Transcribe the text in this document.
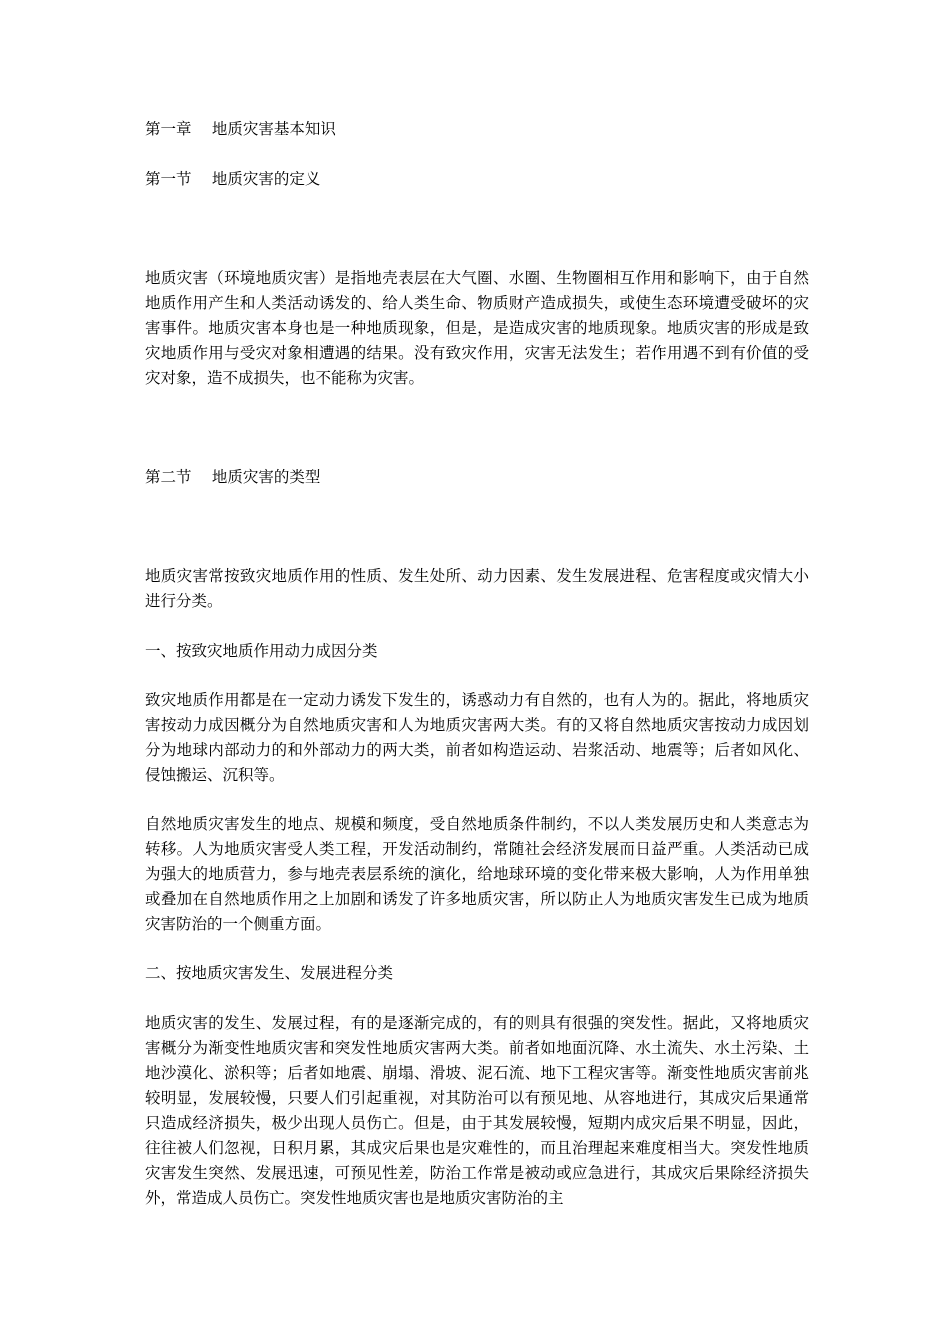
第一章　 地质灾害基本知识

第一节　 地质灾害的定义

地质灾害（环境地质灾害）是指地壳表层在大气圈、水圈、生物圈相互作用和影响下，由于自然地质作用产生和人类活动诱发的、给人类生命、物质财产造成损失，或使生态环境遭受破坏的灾害事件。地质灾害本身也是一种地质现象，但是，是造成灾害的地质现象。地质灾害的形成是致灾地质作用与受灾对象相遭遇的结果。没有致灾作用，灾害无法发生；若作用遇不到有价值的受灾对象，造不成损失，也不能称为灾害。

第二节　 地质灾害的类型

地质灾害常按致灾地质作用的性质、发生处所、动力因素、发生发展进程、危害程度或灾情大小进行分类。

一、按致灾地质作用动力成因分类

致灾地质作用都是在一定动力诱发下发生的，诱惑动力有自然的，也有人为的。据此，将地质灾害按动力成因概分为自然地质灾害和人为地质灾害两大类。有的又将自然地质灾害按动力成因划分为地球内部动力的和外部动力的两大类，前者如构造运动、岩浆活动、地震等；后者如风化、侵蚀搬运、沉积等。

自然地质灾害发生的地点、规模和频度，受自然地质条件制约，不以人类发展历史和人类意志为转移。人为地质灾害受人类工程，开发活动制约，常随社会经济发展而日益严重。人类活动已成为强大的地质营力，参与地壳表层系统的演化，给地球环境的变化带来极大影响，人为作用单独或叠加在自然地质作用之上加剧和诱发了许多地质灾害，所以防止人为地质灾害发生已成为地质灾害防治的一个侧重方面。

二、按地质灾害发生、发展进程分类

地质灾害的发生、发展过程，有的是逐渐完成的，有的则具有很强的突发性。据此，又将地质灾害概分为渐变性地质灾害和突发性地质灾害两大类。前者如地面沉降、水土流失、水土污染、土地沙漠化、淤积等；后者如地震、崩塌、滑坡、泥石流、地下工程灾害等。渐变性地质灾害前兆较明显，发展较慢，只要人们引起重视，对其防治可以有预见地、从容地进行，其成灾后果通常只造成经济损失，极少出现人员伤亡。但是，由于其发展较慢，短期内成灾后果不明显，因此，往往被人们忽视，日积月累，其成灾后果也是灾难性的，而且治理起来难度相当大。突发性地质灾害发生突然、发展迅速，可预见性差，防治工作常是被动或应急进行，其成灾后果除经济损失外，常造成人员伤亡。突发性地质灾害也是地质灾害防治的主
